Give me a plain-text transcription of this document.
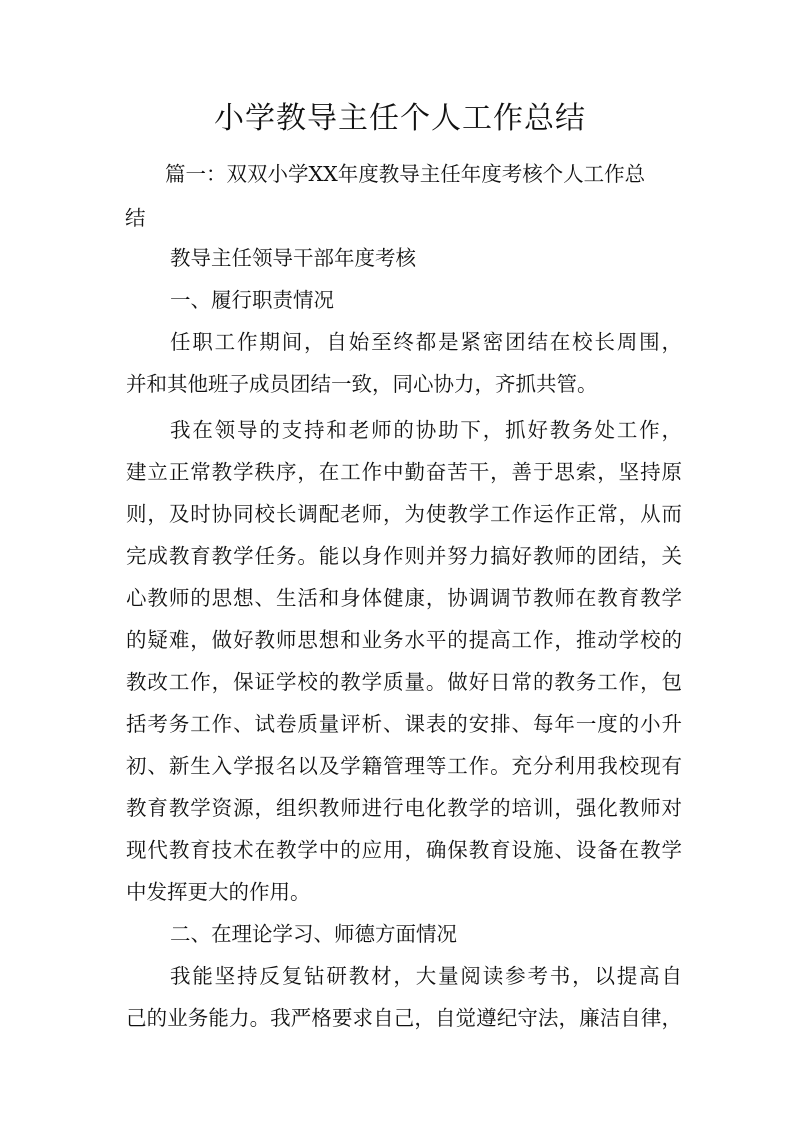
小学教导主任个人工作总结
篇一：双双小学XX年度教导主任年度考核个人工作总
结
教导主任领导干部年度考核
一、履行职责情况
任职工作期间，自始至终都是紧密团结在校长周围，
并和其他班子成员团结一致，同心协力，齐抓共管。
我在领导的支持和老师的协助下，抓好教务处工作，
建立正常教学秩序，在工作中勤奋苦干，善于思索，坚持原
则，及时协同校长调配老师，为使教学工作运作正常，从而
完成教育教学任务。能以身作则并努力搞好教师的团结，关
心教师的思想、生活和身体健康，协调调节教师在教育教学
的疑难，做好教师思想和业务水平的提高工作，推动学校的
教改工作，保证学校的教学质量。做好日常的教务工作，包
括考务工作、试卷质量评析、课表的安排、每年一度的小升
初、新生入学报名以及学籍管理等工作。充分利用我校现有
教育教学资源，组织教师进行电化教学的培训，强化教师对
现代教育技术在教学中的应用，确保教育设施、设备在教学
中发挥更大的作用。
二、在理论学习、师德方面情况
我能坚持反复钻研教材，大量阅读参考书，以提高自
己的业务能力。我严格要求自己，自觉遵纪守法，廉洁自律，
